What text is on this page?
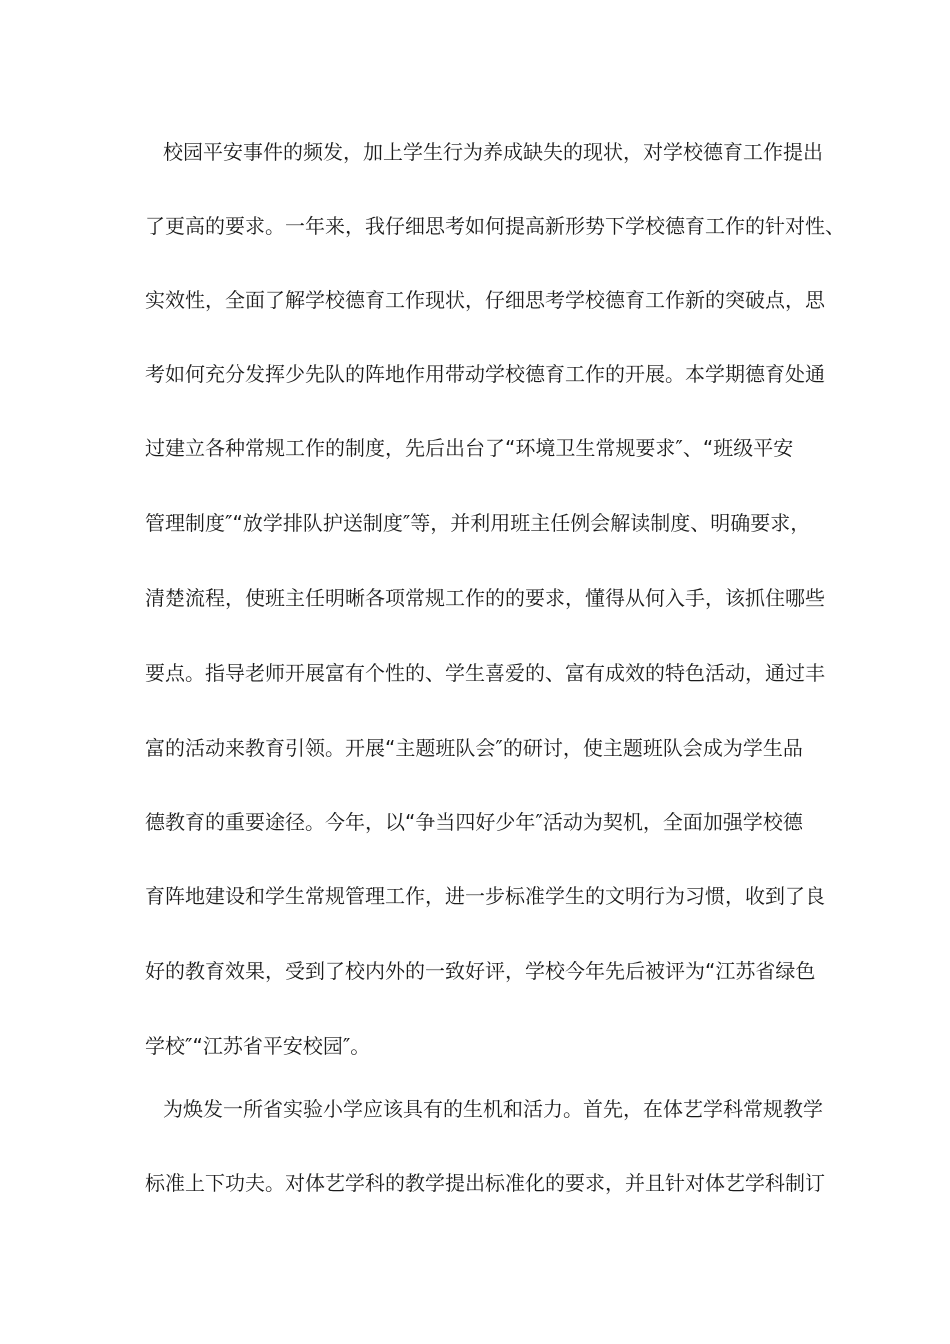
校园平安事件的频发，加上学生行为养成缺失的现状，对学校德育工作提出
了更高的要求。一年来，我仔细思考如何提高新形势下学校德育工作的针对性、
实效性，全面了解学校德育工作现状，仔细思考学校德育工作新的突破点，思
考如何充分发挥少先队的阵地作用带动学校德育工作的开展。本学期德育处通
过建立各种常规工作的制度，先后出台了“环境卫生常规要求″、“班级平安
管理制度″“放学排队护送制度″等，并利用班主任例会解读制度、明确要求，
清楚流程，使班主任明晰各项常规工作的的要求，懂得从何入手，该抓住哪些
要点。指导老师开展富有个性的、学生喜爱的、富有成效的特色活动，通过丰
富的活动来教育引领。开展“主题班队会″的研讨，使主题班队会成为学生品
德教育的重要途径。今年，以“争当四好少年″活动为契机，全面加强学校德
育阵地建设和学生常规管理工作，进一步标准学生的文明行为习惯，收到了良
好的教育效果，受到了校内外的一致好评，学校今年先后被评为“江苏省绿色
学校″“江苏省平安校园″。
为焕发一所省实验小学应该具有的生机和活力。首先，在体艺学科常规教学
标准上下功夫。对体艺学科的教学提出标准化的要求，并且针对体艺学科制订
